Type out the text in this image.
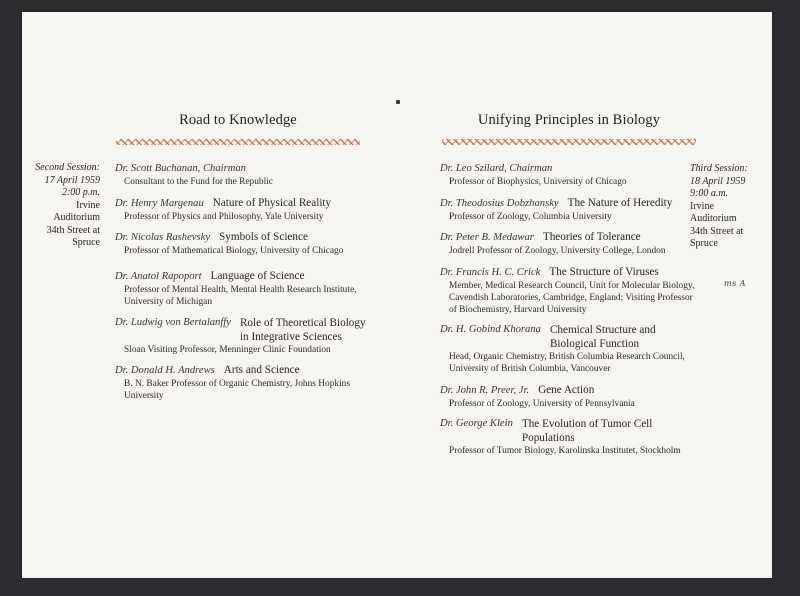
Road to Knowledge	Unifying Principles in Biology
Second Session:
17 April 1959
2:00 p.m.
Irvine
Auditorium
34th Street at
Spruce
Third Session:
18 April 1959
9:00 a.m.
Irvine
Auditorium
34th Street at
Spruce
Dr. Scott Buchanan, Chairman
Consultant to the Fund for the Republic
Dr. Henry Margenau Nature of Physical Reality
Professor of Physics and Philosophy, Yale University
Dr. Nicolas Rashevsky Symbols of Science
Professor of Mathematical Biology, University of Chicago
Dr. Anatol Rapoport Language of Science
Professor of Mental Health, Mental Health Research Institute,
University of Michigan
Dr. Ludwig von Bertalanffy Role of Theoretical Biology in Integrative Sciences
Sloan Visiting Professor, Menninger Clinic Foundation
Dr. Donald H. Andrews Arts and Science
B. N. Baker Professor of Organic Chemistry, Johns Hopkins
University
Dr. Leo Szilard, Chairman
Professor of Biophysics, University of Chicago
Dr. Theodosius Dobzhansky The Nature of Heredity
Professor of Zoology, Columbia University
Dr. Peter B. Medawar Theories of Tolerance
Jodrell Professor of Zoology, University College, London
Dr. Francis H. C. Crick The Structure of Viruses
Member, Medical Research Council, Unit for Molecular Biology,
Cavendish Laboratories, Cambridge, England; Visiting Professor
of Biochemistry, Harvard University
Dr. H. Gobind Khorana Chemical Structure and Biological Function
Head, Organic Chemistry, British Columbia Research Council,
University of British Columbia, Vancouver
Dr. John R. Preer, Jr. Gene Action
Professor of Zoology, University of Pennsylvania
Dr. George Klein The Evolution of Tumor Cell Populations
Professor of Tumor Biology, Karolinska Institutet, Stockholm
ms A
